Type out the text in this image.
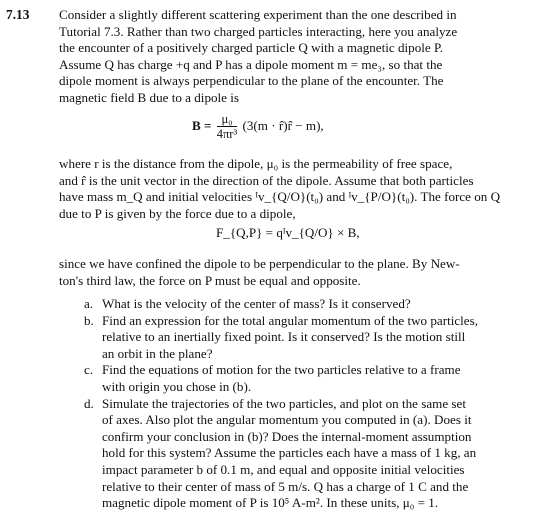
7.13 Consider a slightly different scattering experiment than the one described in
Tutorial 7.3. Rather than two charged particles interacting, here you analyze
the encounter of a positively charged particle Q with a magnetic dipole P.
Assume Q has charge +q and P has a dipole moment m = me₃, so that the
dipole moment is always perpendicular to the plane of the encounter. The
magnetic field B due to a dipole is
$B = \frac{\text{μ₀}}{\text{4πr³}} (3(m$ · r̂)r̂ − m),
where r is the distance from the dipole, μ₀ is the permeability of free space,
and r̂ is the unit vector in the direction of the dipole. Assume that both particles
have mass m_Q and initial velocities ᴵv_{Q/O}(t₀) and ᴵv_{P/O}(t₀). The force on Q
due to P is given by the force due to a dipole,
F_{Q,P} = qᴵv_{Q/O} × B,
since we have confined the dipole to be perpendicular to the plane. By New-
ton's third law, the force on P must be equal and opposite.
a. What is the velocity of the center of mass? Is it conserved?
b. Find an expression for the total angular momentum of the two particles,
relative to an inertially fixed point. Is it conserved? Is the motion still
an orbit in the plane?
c. Find the equations of motion for the two particles relative to a frame
with origin you chose in (b).
d. Simulate the trajectories of the two particles, and plot on the same set
of axes. Also plot the angular momentum you computed in (a). Does it
confirm your conclusion in (b)? Does the internal-moment assumption
hold for this system? Assume the particles each have a mass of 1 kg, an
impact parameter b of 0.1 m, and equal and opposite initial velocities
relative to their center of mass of 5 m/s. Q has a charge of 1 C and the
magnetic dipole moment of P is 10⁵ A-m². In these units, μ₀ = 1.
